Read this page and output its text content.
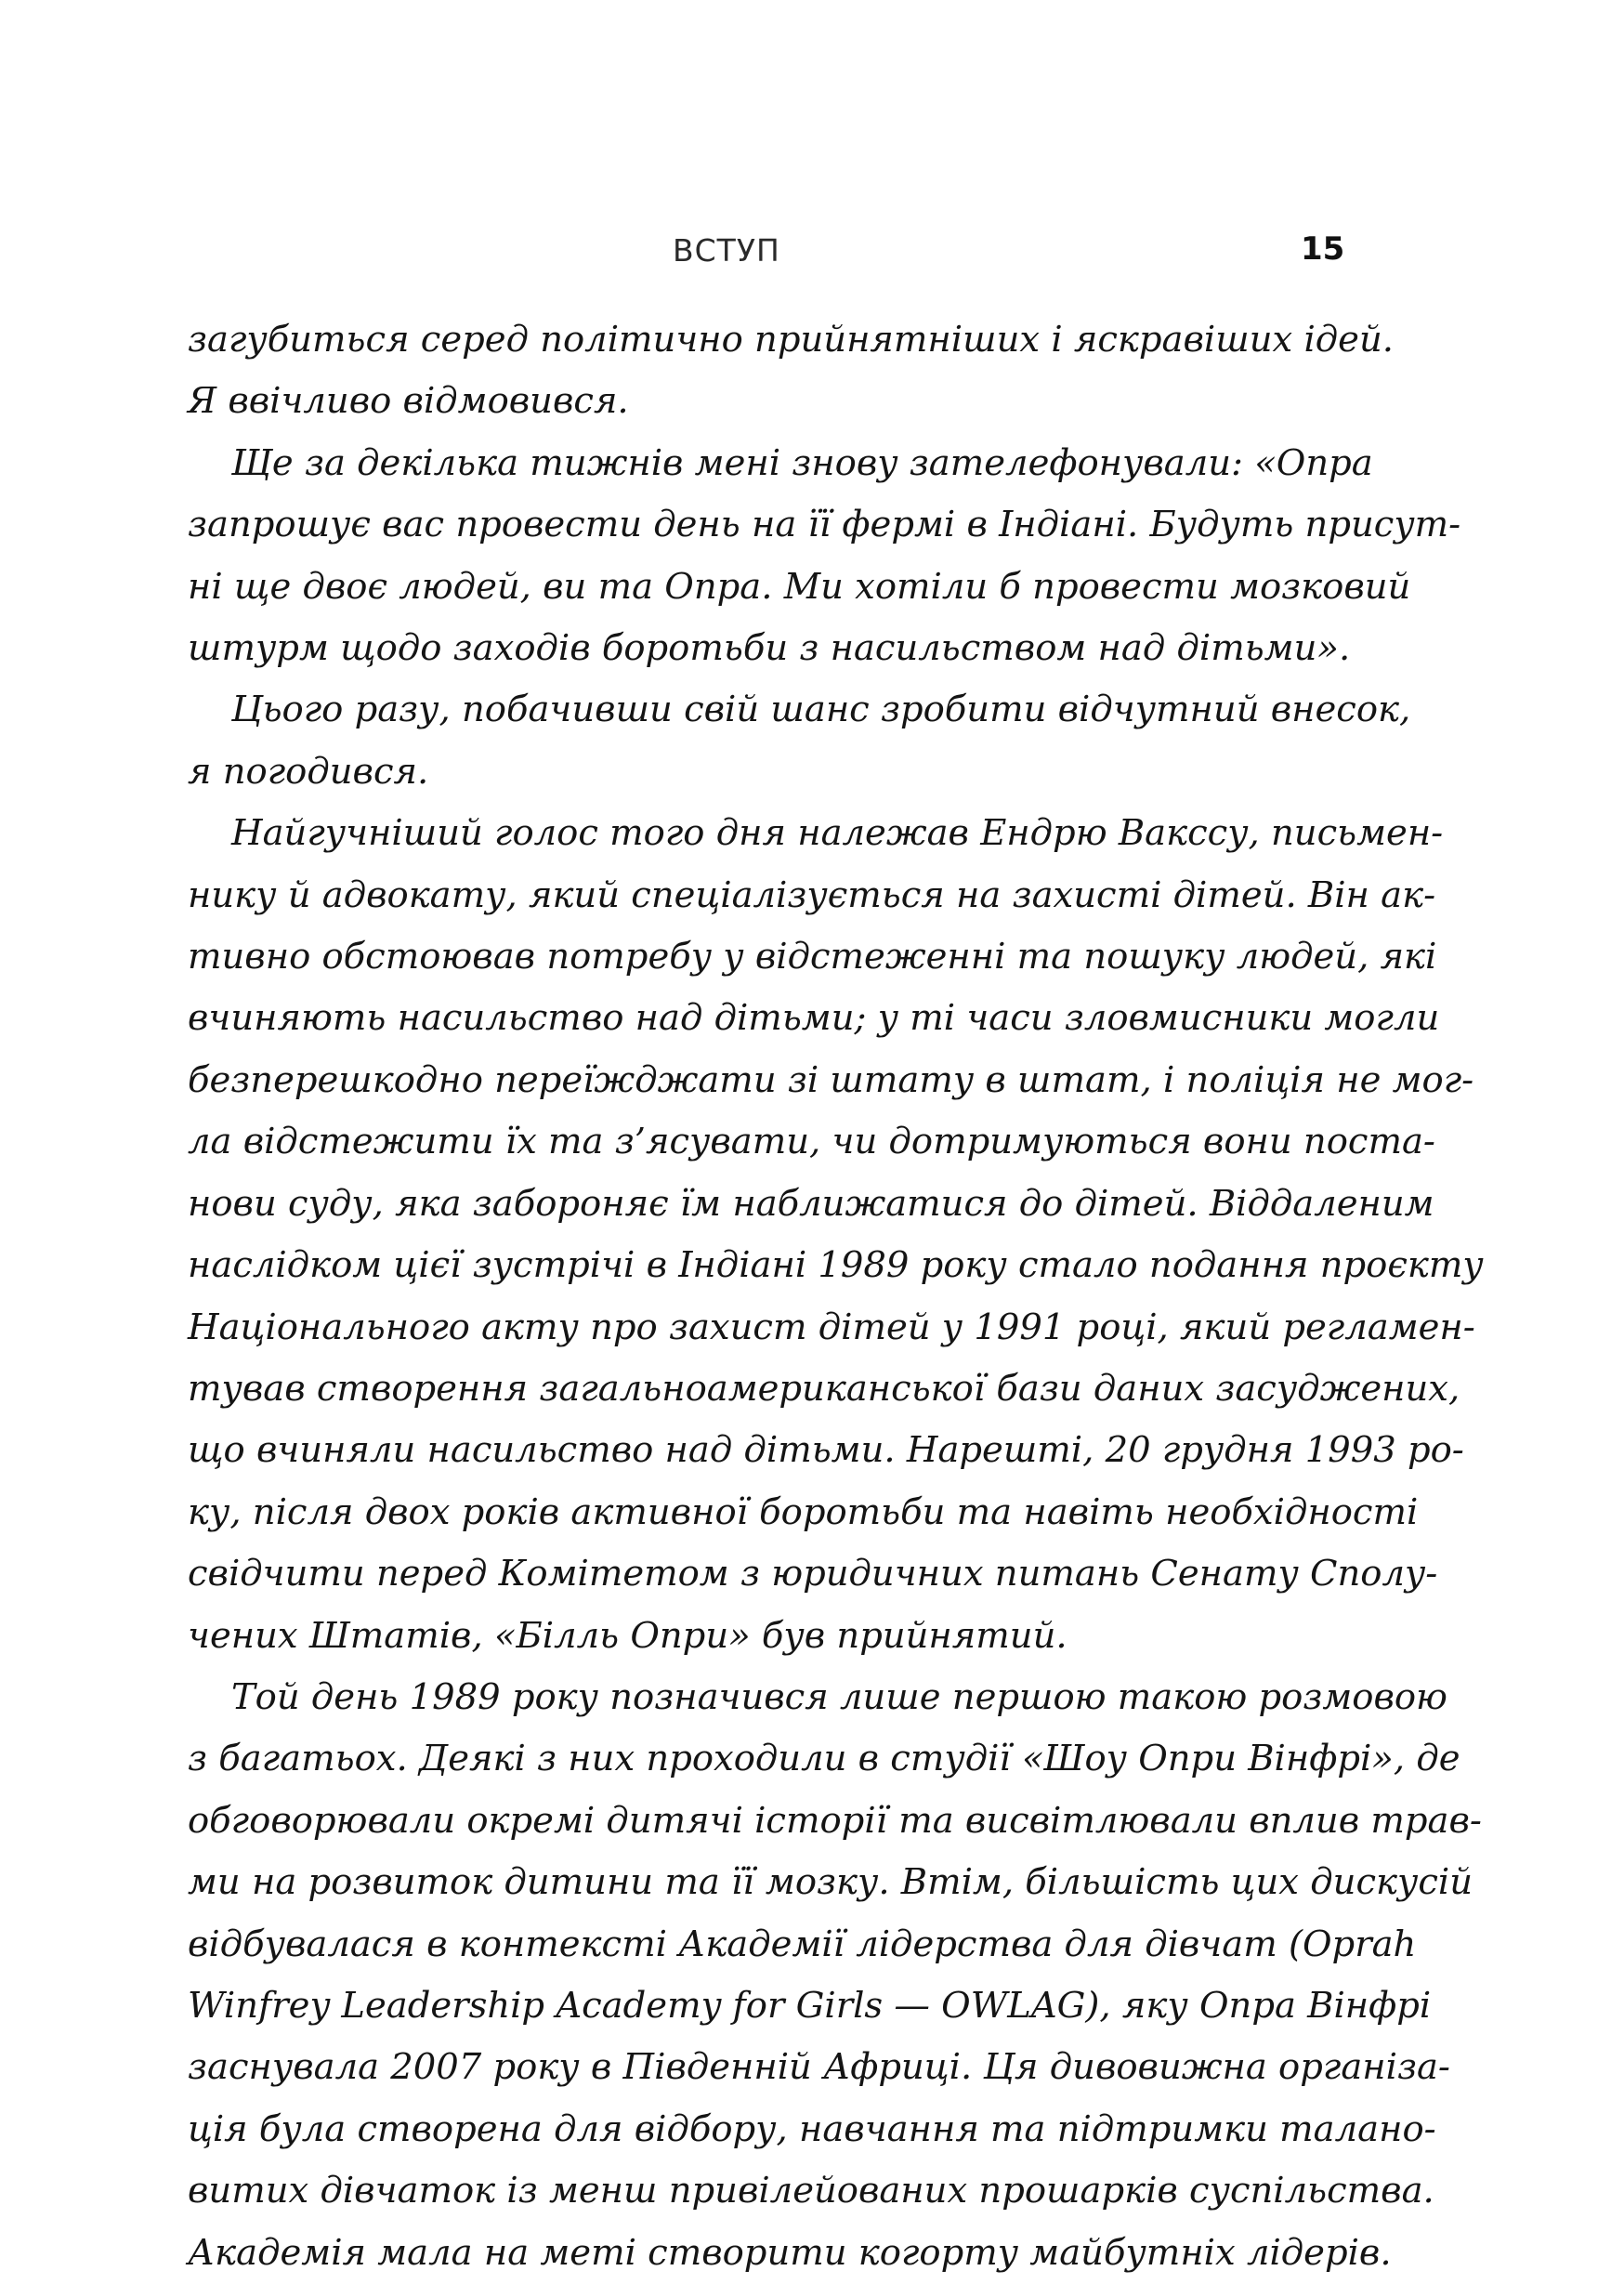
ВСТУП	15

загубиться серед політично прийнятніших і яскравіших ідей.
Я ввічливо відмовився.

Ще за декілька тижнів мені знову зателефонували: «Опра
запрошує вас провести день на її фермі в Індіані. Будуть присут-
ні ще двоє людей, ви та Опра. Ми хотіли б провести мозковий
штурм щодо заходів боротьби з насильством над дітьми».

Цього разу, побачивши свій шанс зробити відчутний внесок,
я погодився.

Найгучніший голос того дня належав Ендрю Ваксcу, письмен-
нику й адвокату, який спеціалізується на захисті дітей. Він ак-
тивно обстоював потребу у відстеженні та пошуку людей, які
вчиняють насильство над дітьми; у ті часи зловмисники могли
безперешкодно переїжджати зі штату в штат, і поліція не мог-
ла відстежити їх та з’ясувати, чи дотримуються вони поста-
нови суду, яка забороняє їм наближатися до дітей. Віддаленим
наслідком цієї зустрічі в Індіані 1989 року стало подання проєкту
Національного акту про захист дітей у 1991 році, який регламен-
тував створення загальноамериканської бази даних засуджених,
що вчиняли насильство над дітьми. Нарешті, 20 грудня 1993 ро-
ку, після двох років активної боротьби та навіть необхідності
свідчити перед Комітетом з юридичних питань Сенату Сполу-
чених Штатів, «Білль Опри» був прийнятий.

Той день 1989 року позначився лише першою такою розмовою
з багатьох. Деякі з них проходили в студії «Шоу Опри Вінфрі», де
обговорювали окремі дитячі історії та висвітлювали вплив трав-
ми на розвиток дитини та її мозку. Втім, більшість цих дискусій
відбувалася в контексті Академії лідерства для дівчат (Oprah
Winfrey Leadership Academy for Girls — OWLAG), яку Опра Вінфрі
заснувала 2007 року в Південній Африці. Ця дивовижна організа-
ція була створена для відбору, навчання та підтримки талано-
витих дівчаток із менш привілейованих прошарків суспільства.
Академія мала на меті створити когорту майбутніх лідерів.
